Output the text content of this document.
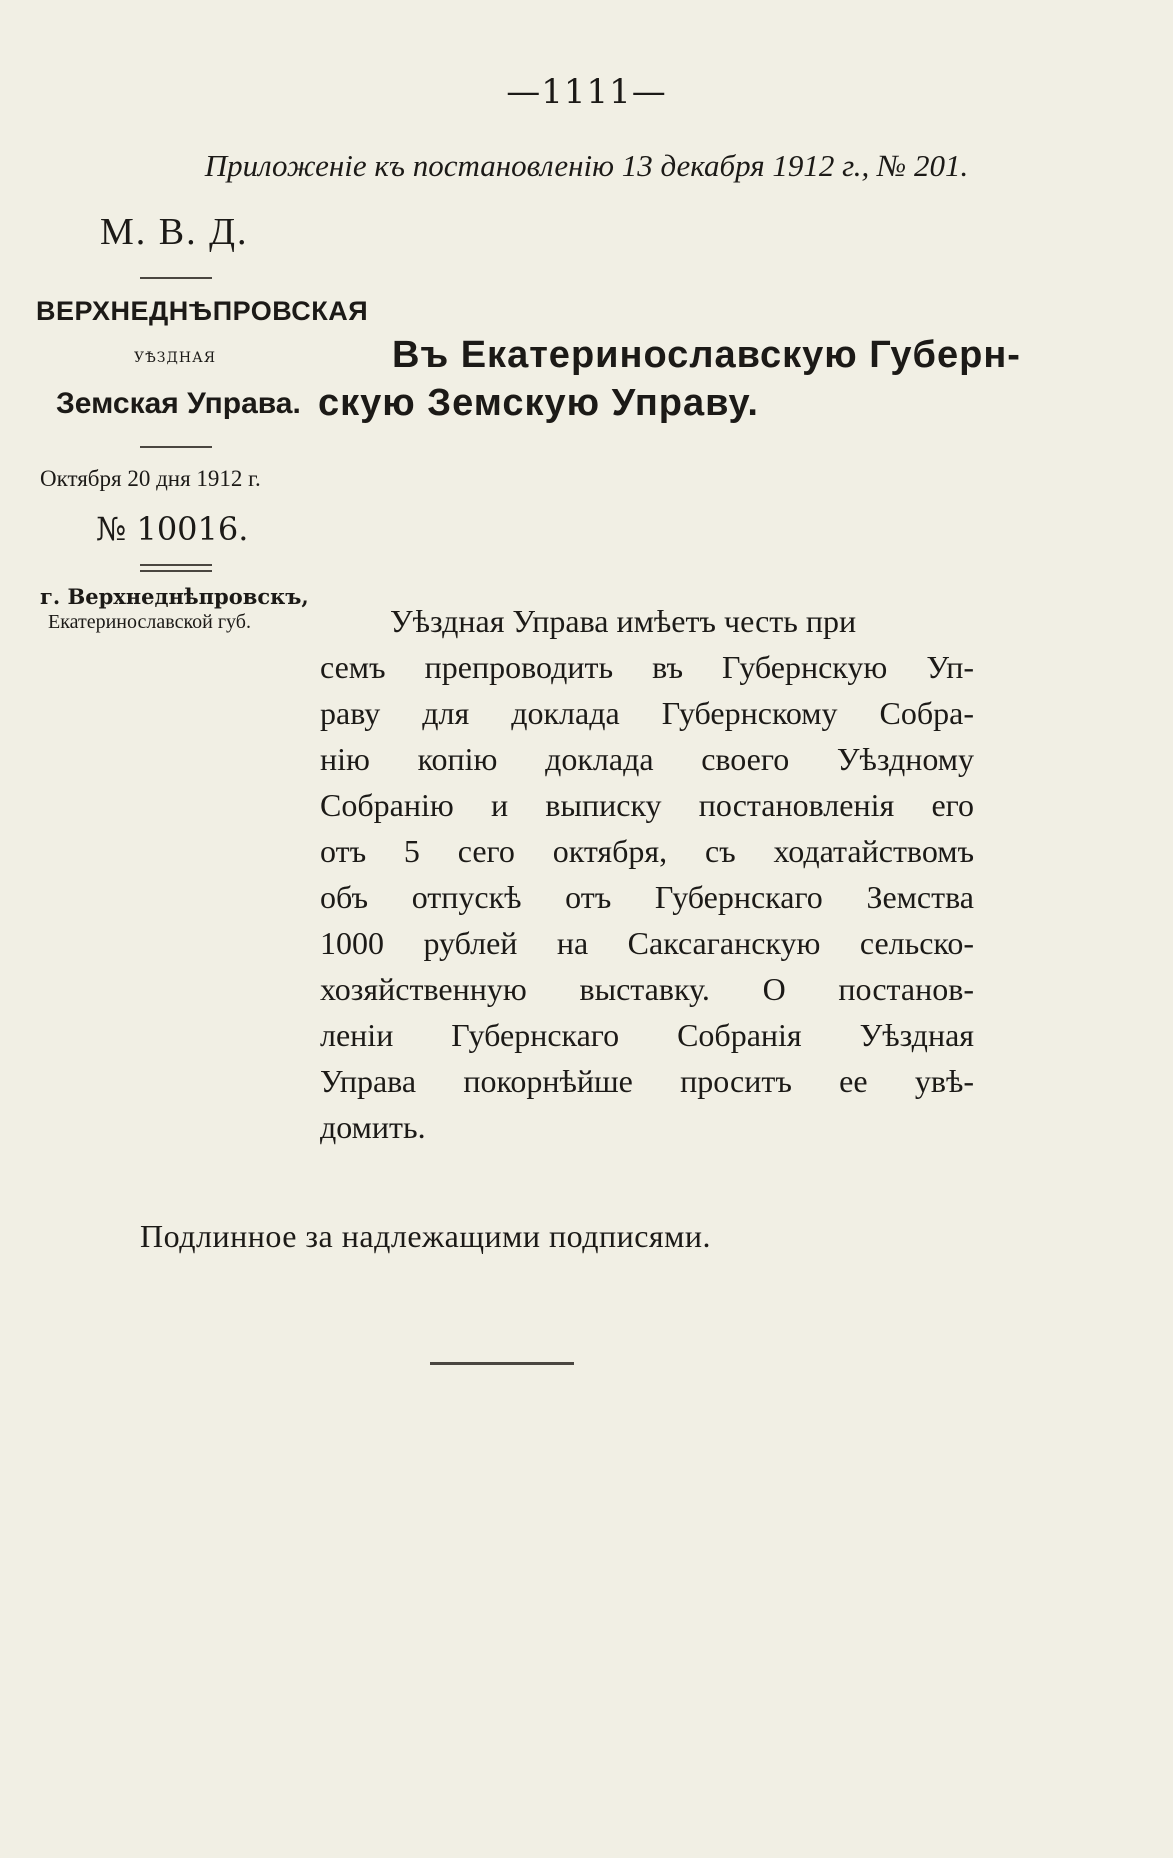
—1111—
Приложеніе къ постановленію 13 декабря 1912 г., № 201.
М. В. Д.
ВЕРХНЕДНѢПРОВСКАЯ
УѢЗДНАЯ
Земская Управа.
Въ Екатеринославскую Губерн-
скую Земскую Управу.
Октября 20 дня 1912 г.
№ 10016.
г. Верхнеднѣпровскъ,
Екатеринославской губ.	Уѣздная Управа имѣетъ честь при
семъ препроводить въ Губернскую Уп-
раву для доклада Губернскому Собра-
нію копію доклада своего Уѣздному
Собранію и выписку постановленія его
отъ 5 сего октября, съ ходатайствомъ
объ отпускѣ отъ Губернскаго Земства
1000 рублей на Саксаганскую сельско-
хозяйственную выставку. О постанов-
леніи Губернскаго Собранія Уѣздная
Управа покорнѣйше проситъ ее увѣ-
домить.
Подлинное за надлежащими подписями.
